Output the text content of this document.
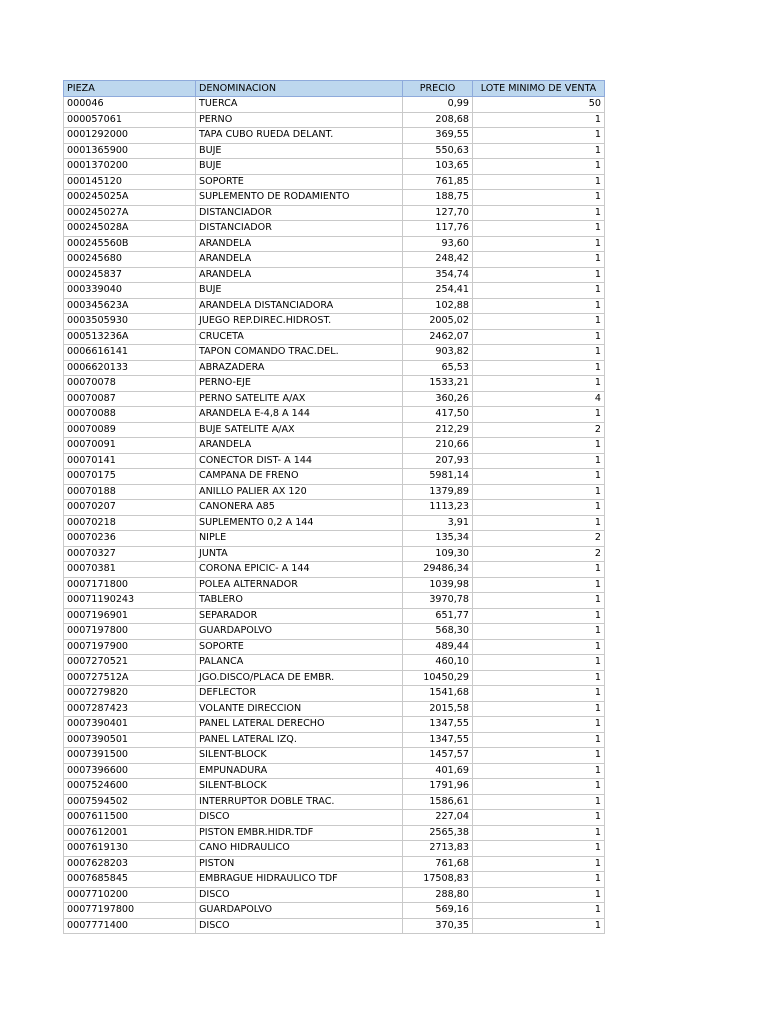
PIEZA	DENOMINACION	PRECIO	LOTE MINIMO DE VENTA
000046	TUERCA	0,99	50
000057061	PERNO	208,68	1
0001292000	TAPA CUBO RUEDA DELANT.	369,55	1
0001365900	BUJE	550,63	1
0001370200	BUJE	103,65	1
000145120	SOPORTE	761,85	1
000245025A	SUPLEMENTO DE RODAMIENTO	188,75	1
000245027A	DISTANCIADOR	127,70	1
000245028A	DISTANCIADOR	117,76	1
000245560B	ARANDELA	93,60	1
000245680	ARANDELA	248,42	1
000245837	ARANDELA	354,74	1
000339040	BUJE	254,41	1
000345623A	ARANDELA DISTANCIADORA	102,88	1
0003505930	JUEGO REP.DIREC.HIDROST.	2005,02	1
000513236A	CRUCETA	2462,07	1
0006616141	TAPON COMANDO TRAC.DEL.	903,82	1
0006620133	ABRAZADERA	65,53	1
00070078	PERNO-EJE	1533,21	1
00070087	PERNO SATELITE A/AX	360,26	4
00070088	ARANDELA E-4,8 A 144	417,50	1
00070089	BUJE SATELITE A/AX	212,29	2
00070091	ARANDELA	210,66	1
00070141	CONECTOR DIST- A 144	207,93	1
00070175	CAMPANA DE FRENO	5981,14	1
00070188	ANILLO PALIER AX 120	1379,89	1
00070207	CANONERA A85	1113,23	1
00070218	SUPLEMENTO 0,2 A 144	3,91	1
00070236	NIPLE	135,34	2
00070327	JUNTA	109,30	2
00070381	CORONA EPICIC- A 144	29486,34	1
0007171800	POLEA ALTERNADOR	1039,98	1
00071190243	TABLERO	3970,78	1
0007196901	SEPARADOR	651,77	1
0007197800	GUARDAPOLVO	568,30	1
0007197900	SOPORTE	489,44	1
0007270521	PALANCA	460,10	1
000727512A	JGO.DISCO/PLACA DE EMBR.	10450,29	1
0007279820	DEFLECTOR	1541,68	1
0007287423	VOLANTE DIRECCION	2015,58	1
0007390401	PANEL LATERAL DERECHO	1347,55	1
0007390501	PANEL LATERAL IZQ.	1347,55	1
0007391500	SILENT-BLOCK	1457,57	1
0007396600	EMPUNADURA	401,69	1
0007524600	SILENT-BLOCK	1791,96	1
0007594502	INTERRUPTOR DOBLE TRAC.	1586,61	1
0007611500	DISCO	227,04	1
0007612001	PISTON EMBR.HIDR.TDF	2565,38	1
0007619130	CANO HIDRAULICO	2713,83	1
0007628203	PISTON	761,68	1
0007685845	EMBRAGUE HIDRAULICO TDF	17508,83	1
0007710200	DISCO	288,80	1
00077197800	GUARDAPOLVO	569,16	1
0007771400	DISCO	370,35	1
